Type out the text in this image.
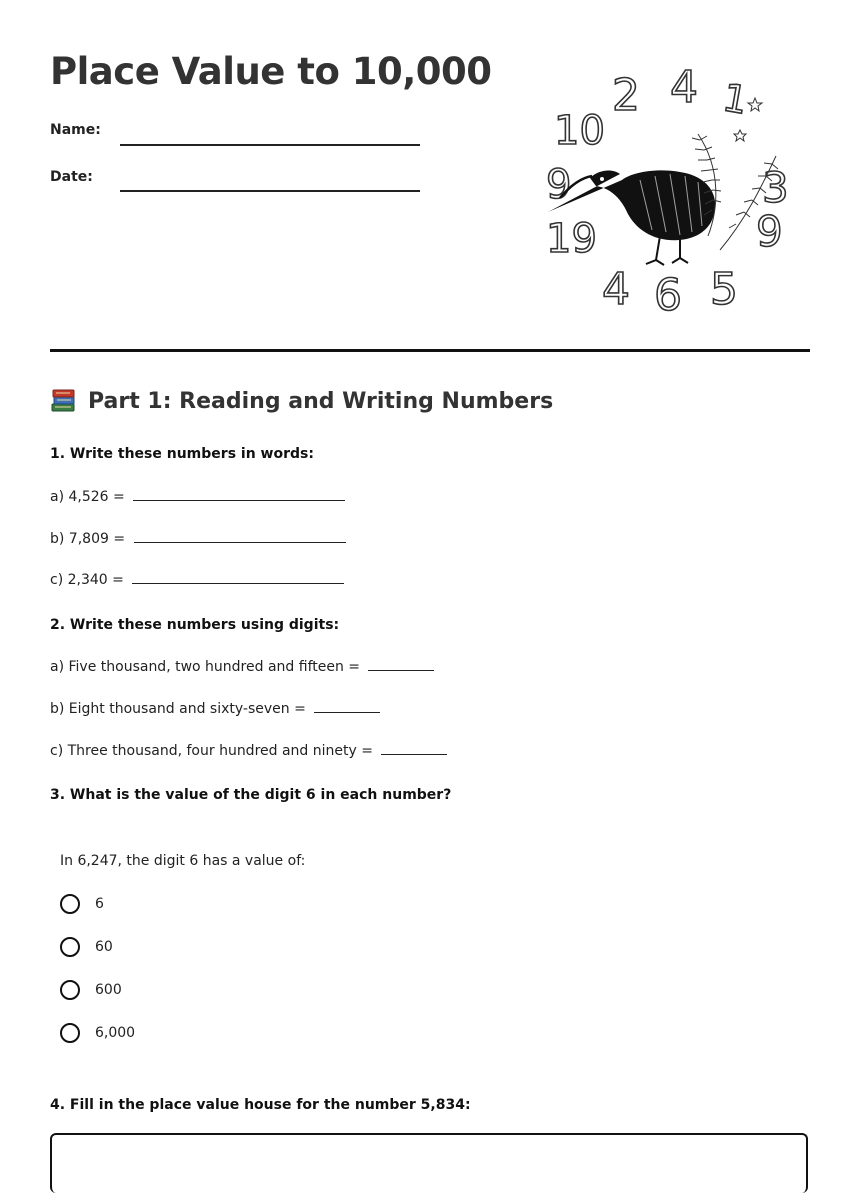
Place Value to 10,000
Name:
Date:
2 4 1
10
9	3
19	9
4 6 5
Part 1: Reading and Writing Numbers
1. Write these numbers in words:
a) 4,526 =
b) 7,809 =
c) 2,340 =
2. Write these numbers using digits:
a) Five thousand, two hundred and fifteen =
b) Eight thousand and sixty-seven =
c) Three thousand, four hundred and ninety =
3. What is the value of the digit 6 in each number?
In 6,247, the digit 6 has a value of:
6
60
600
6,000
4. Fill in the place value house for the number 5,834:
